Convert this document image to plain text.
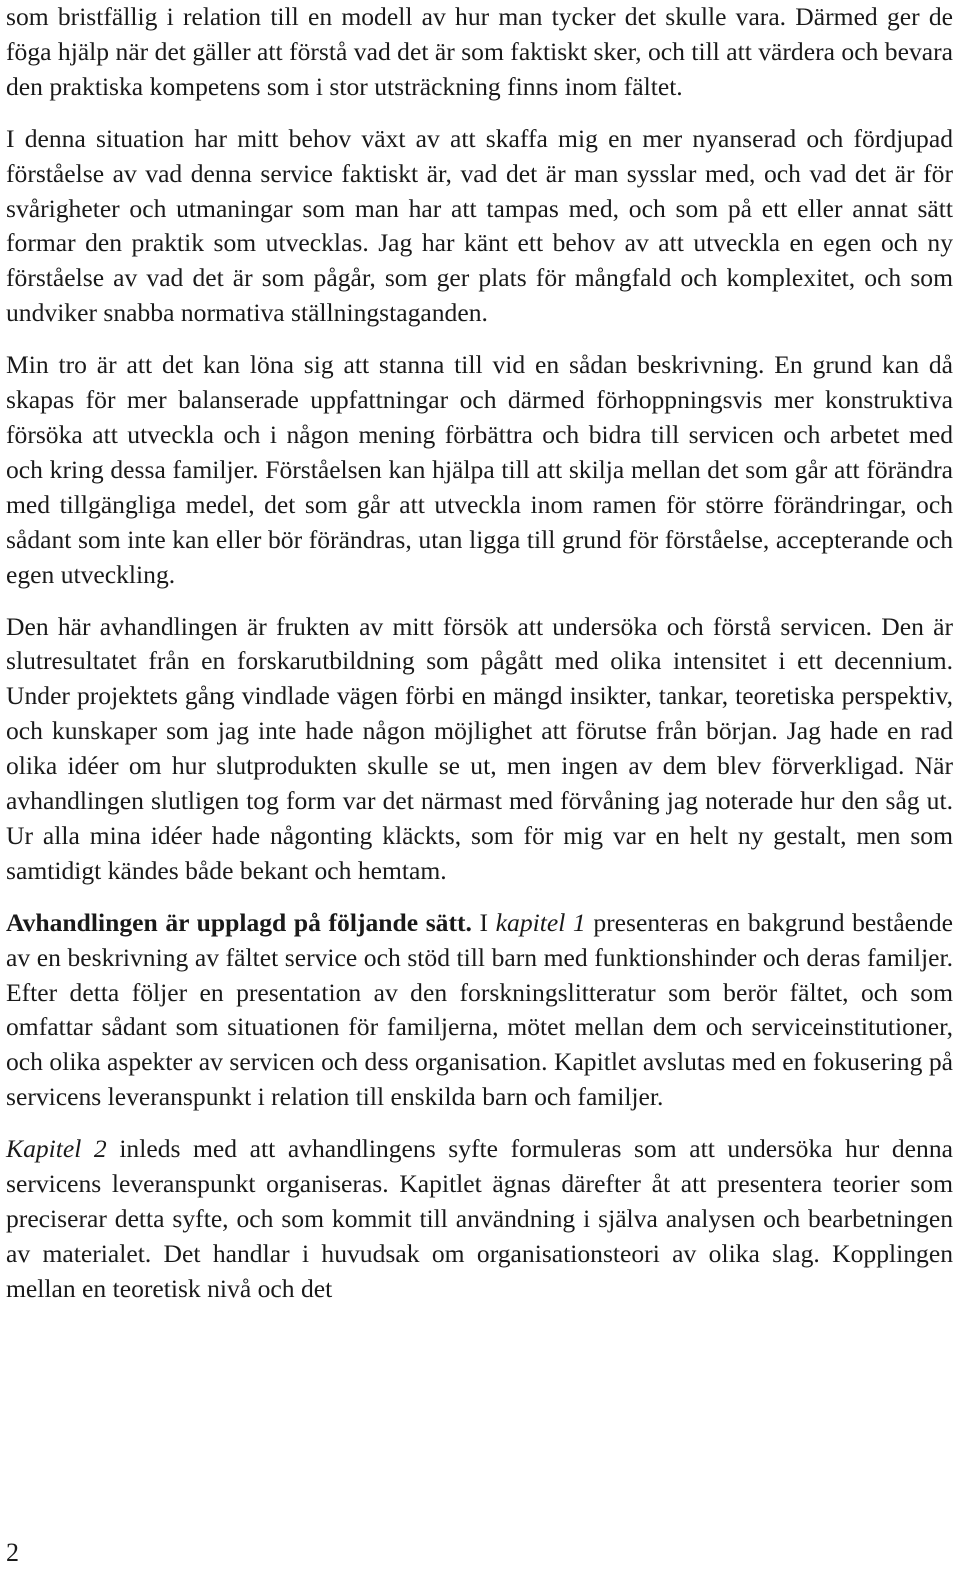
som bristfällig i relation till en modell av hur man tycker det skulle vara. Därmed ger de föga hjälp när det gäller att förstå vad det är som faktiskt sker, och till att värdera och bevara den praktiska kompetens som i stor utsträckning finns inom fältet.

I denna situation har mitt behov växt av att skaffa mig en mer nyanserad och fördjupad förståelse av vad denna service faktiskt är, vad det är man sysslar med, och vad det är för svårigheter och utmaningar som man har att tampas med, och som på ett eller annat sätt formar den praktik som utvecklas. Jag har känt ett behov av att utveckla en egen och ny förståelse av vad det är som pågår, som ger plats för mångfald och komplexitet, och som undviker snabba normativa ställningstaganden.

Min tro är att det kan löna sig att stanna till vid en sådan beskrivning. En grund kan då skapas för mer balanserade uppfattningar och därmed förhoppningsvis mer konstruktiva försöka att utveckla och i någon mening förbättra och bidra till servicen och arbetet med och kring dessa familjer. Förståelsen kan hjälpa till att skilja mellan det som går att förändra med tillgängliga medel, det som går att utveckla inom ramen för större förändringar, och sådant som inte kan eller bör förändras, utan ligga till grund för förståelse, accepterande och egen utveckling.

Den här avhandlingen är frukten av mitt försök att undersöka och förstå servicen. Den är slutresultatet från en forskarutbildning som pågått med olika intensitet i ett decennium. Under projektets gång vindlade vägen förbi en mängd insikter, tankar, teoretiska perspektiv, och kunskaper som jag inte hade någon möjlighet att förutse från början. Jag hade en rad olika idéer om hur slutprodukten skulle se ut, men ingen av dem blev förverkligad. När avhandlingen slutligen tog form var det närmast med förvåning jag noterade hur den såg ut. Ur alla mina idéer hade någonting kläckts, som för mig var en helt ny gestalt, men som samtidigt kändes både bekant och hemtam.

Avhandlingen är upplagd på följande sätt. I kapitel 1 presenteras en bakgrund bestående av en beskrivning av fältet service och stöd till barn med funktionshinder och deras familjer. Efter detta följer en presentation av den forskningslitteratur som berör fältet, och som omfattar sådant som situationen för familjerna, mötet mellan dem och serviceinstitutioner, och olika aspekter av servicen och dess organisation. Kapitlet avslutas med en fokusering på servicens leveranspunkt i relation till enskilda barn och familjer.

Kapitel 2 inleds med att avhandlingens syfte formuleras som att undersöka hur denna servicens leveranspunkt organiseras. Kapitlet ägnas därefter åt att presentera teorier som preciserar detta syfte, och som kommit till användning i själva analysen och bearbetningen av materialet. Det handlar i huvudsak om organisationsteori av olika slag. Kopplingen mellan en teoretisk nivå och det

2
